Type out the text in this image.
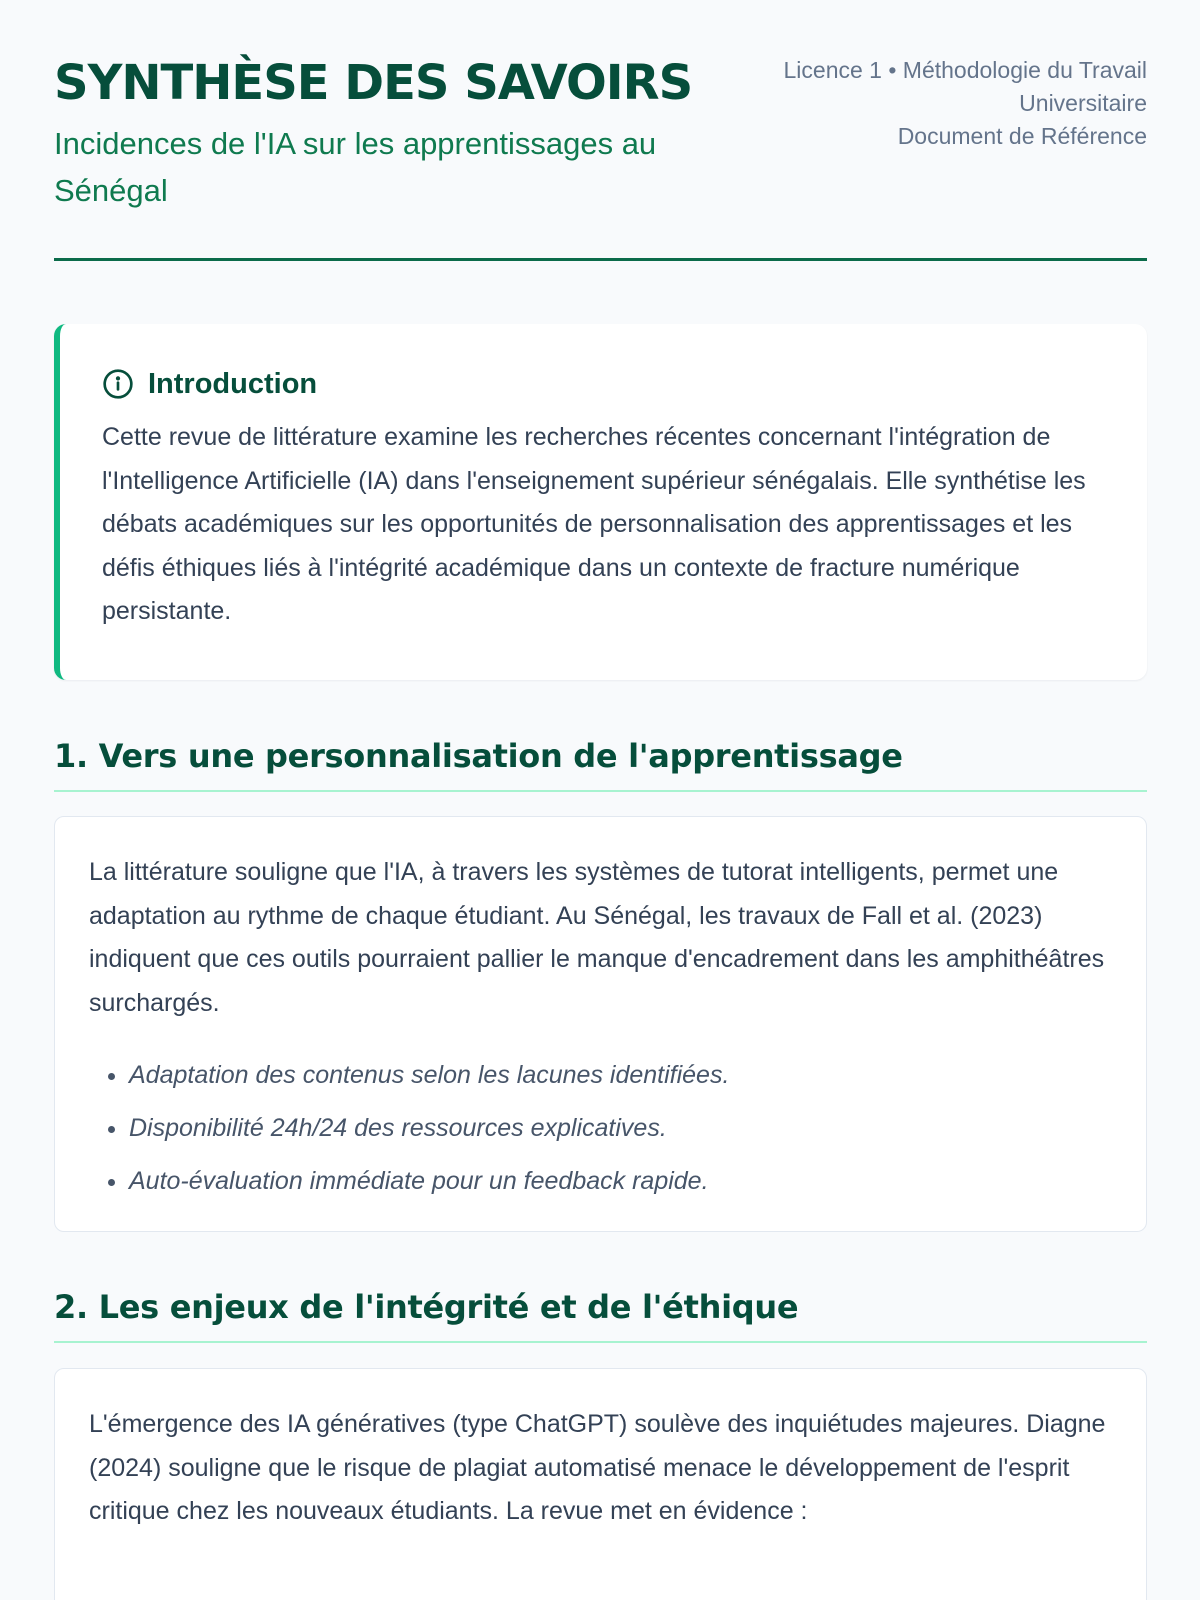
SYNTHÈSE DES SAVOIRS
Incidences de l'IA sur les apprentissages au Sénégal
Licence 1 • Méthodologie du Travail
Universitaire
Document de Référence
Introduction

Cette revue de littérature examine les recherches récentes concernant l'intégration de l'Intelligence Artificielle (IA) dans l'enseignement supérieur sénégalais. Elle synthétise les débats académiques sur les opportunités de personnalisation des apprentissages et les défis éthiques liés à l'intégrité académique dans un contexte de fracture numérique persistante.

1. Vers une personnalisation de l'apprentissage

La littérature souligne que l'IA, à travers les systèmes de tutorat intelligents, permet une adaptation au rythme de chaque étudiant. Au Sénégal, les travaux de Fall et al. (2023) indiquent que ces outils pourraient pallier le manque d'encadrement dans les amphithéâtres surchargés.

• Adaptation des contenus selon les lacunes identifiées.
• Disponibilité 24h/24 des ressources explicatives.
• Auto-évaluation immédiate pour un feedback rapide.
2. Les enjeux de l'intégrité et de l'éthique

L'émergence des IA génératives (type ChatGPT) soulève des inquiétudes majeures. Diagne (2024) souligne que le risque de plagiat automatisé menace le développement de l'esprit critique chez les nouveaux étudiants. La revue met en évidence :
